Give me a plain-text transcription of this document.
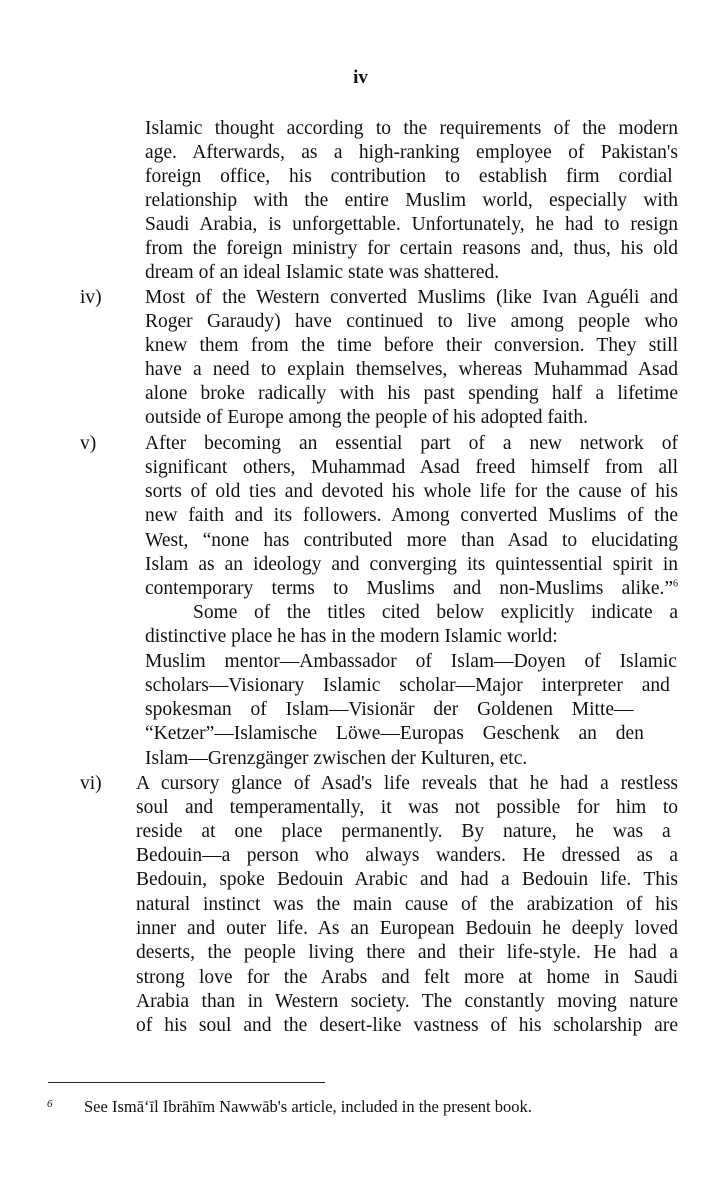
iv
Islamic thought according to the requirements of the modern
age. Afterwards, as a high-ranking employee of Pakistan's
foreign office, his contribution to establish firm cordial
relationship with the entire Muslim world, especially with
Saudi Arabia, is unforgettable. Unfortunately, he had to resign
from the foreign ministry for certain reasons and, thus, his old
dream of an ideal Islamic state was shattered.
iv) Most of the Western converted Muslims (like Ivan Aguéli and
Roger Garaudy) have continued to live among people who
knew them from the time before their conversion. They still
have a need to explain themselves, whereas Muhammad Asad
alone broke radically with his past spending half a lifetime
outside of Europe among the people of his adopted faith.
v)	After becoming an essential part of a new network of
significant others, Muhammad Asad freed himself from all
sorts of old ties and devoted his whole life for the cause of his
new faith and its followers. Among converted Muslims of the
West, “none has contributed more than Asad to elucidating
Islam as an ideology and converging its quintessential spirit in
contemporary terms to Muslims and non-Muslims alike.”$^6$
Some of the titles cited below explicitly indicate a
distinctive place he has in the modern Islamic world:
Muslim mentor—Ambassador of Islam—Doyen of Islamic
scholars—Visionary Islamic scholar—Major interpreter and
spokesman of Islam—Visionär der Goldenen Mitte—
“Ketzer”—Islamische Löwe—Europas Geschenk an den
Islam—Grenzgänger zwischen der Kulturen, etc.
vi) A cursory glance of Asad's life reveals that he had a restless
soul and temperamentally, it was not possible for him to
reside at one place permanently. By nature, he was a
Bedouin—a person who always wanders. He dressed as a
Bedouin, spoke Bedouin Arabic and had a Bedouin life. This
natural instinct was the main cause of the arabization of his
inner and outer life. As an European Bedouin he deeply loved
deserts, the people living there and their life-style. He had a
strong love for the Arabs and felt more at home in Saudi
Arabia than in Western society. The constantly moving nature
of his soul and the desert-like vastness of his scholarship are
6 See Ismā‘īl Ibrāhīm Nawwāb's article, included in the present book.
